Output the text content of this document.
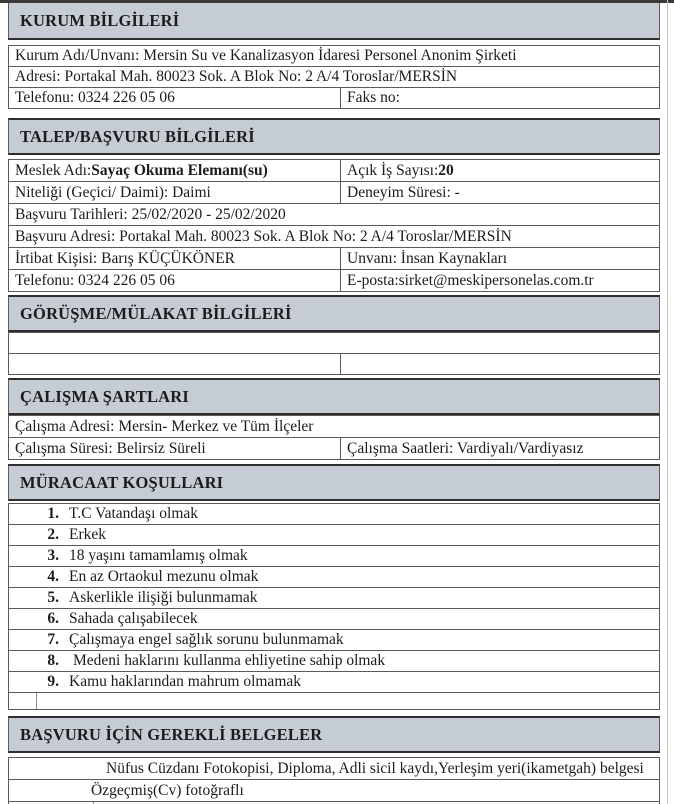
KURUM BİLGİLERİ
Kurum Adı/Unvanı: Mersin Su ve Kanalizasyon İdaresi Personel Anonim Şirketi
Adresi: Portakal Mah. 80023 Sok. A Blok No: 2 A/4 Toroslar/MERSİN
Telefonu: 0324 226 05 06	Faks no:
TALEP/BAŞVURU BİLGİLERİ
Meslek Adı: Sayaç Okuma Elemanı(su)	Açık İş Sayısı: 20
Niteliği (Geçici/ Daimi): Daimi	Deneyim Süresi: -
Başvuru Tarihleri: 25/02/2020 - 25/02/2020
Başvuru Adresi: Portakal Mah. 80023 Sok. A Blok No: 2 A/4 Toroslar/MERSİN
İrtibat Kişisi: Barış KÜÇÜKÖNER	Unvanı: İnsan Kaynakları
Telefonu: 0324 226 05 06	E-posta:sirket@meskipersonelas.com.tr
GÖRÜŞME/MÜLAKAT BİLGİLERİ
ÇALIŞMA ŞARTLARI
Çalışma Adresi: Mersin- Merkez ve Tüm İlçeler
Çalışma Süresi: Belirsiz Süreli	Çalışma Saatleri: Vardiyalı/Vardiyasız
MÜRACAAT KOŞULLARI
1. T.C Vatandaşı olmak
2. Erkek
3. 18 yaşını tamamlamış olmak
4. En az Ortaokul mezunu olmak
5. Askerlikle ilişiği bulunmamak
6. Sahada çalışabilecek
7. Çalışmaya engel sağlık sorunu bulunmamak
8. Medeni haklarını kullanma ehliyetine sahip olmak
9. Kamu haklarından mahrum olmamak
BAŞVURU İÇİN GEREKLİ BELGELER
Nüfus Cüzdanı Fotokopisi, Diploma, Adli sicil kaydı,Yerleşim yeri(ikametgah) belgesi
Özgeçmiş(Cv) fotoğraflı
